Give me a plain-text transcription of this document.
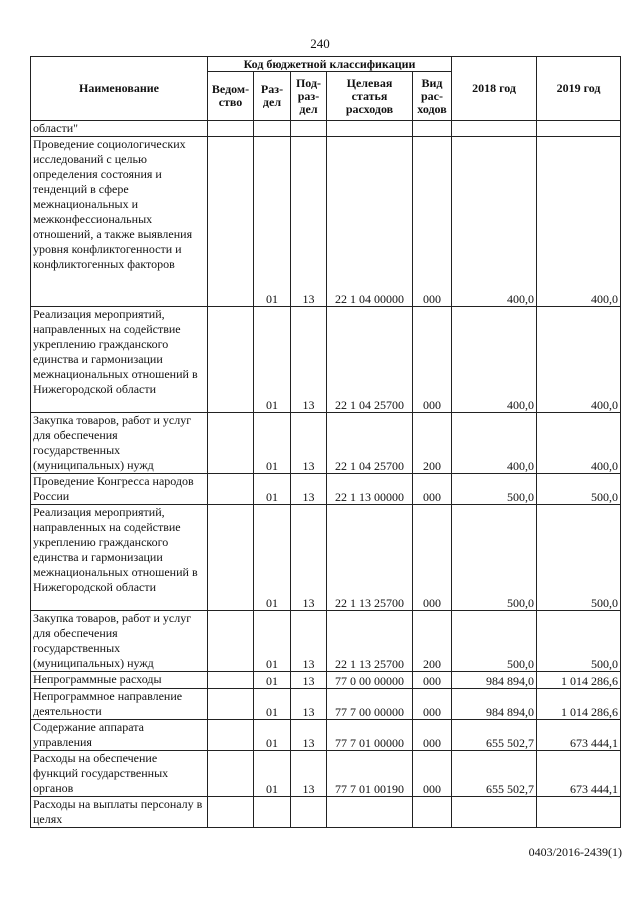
240
Наименование	Код бюджетной классификации					2018 год	2019 год
	Ведом-ство	Раз-дел	Под-раз-дел	Целевая статья расходов	Вид рас-ходов		
области"							
Проведение социологических исследований с целью определения состояния и тенденций в сфере межнациональных и межконфессиональных отношений, а также выявления уровня конфликтогенности и конфликтогенных факторов		01	13	22 1 04 00000	000	400,0	400,0
Реализация мероприятий, направленных на содействие укреплению гражданского единства и гармонизации межнациональных отношений в Нижегородской области		01	13	22 1 04 25700	000	400,0	400,0
Закупка товаров, работ и услуг для обеспечения государственных (муниципальных) нужд		01	13	22 1 04 25700	200	400,0	400,0
Проведение Конгресса народов России		01	13	22 1 13 00000	000	500,0	500,0
Реализация мероприятий, направленных на содействие укреплению гражданского единства и гармонизации межнациональных отношений в Нижегородской области		01	13	22 1 13 25700	000	500,0	500,0
Закупка товаров, работ и услуг для обеспечения государственных (муниципальных) нужд		01	13	22 1 13 25700	200	500,0	500,0
Непрограммные расходы		01	13	77 0 00 00000	000	984 894,0	1 014 286,6
Непрограммное направление деятельности		01	13	77 7 00 00000	000	984 894,0	1 014 286,6
Содержание аппарата управления		01	13	77 7 01 00000	000	655 502,7	673 444,1
Расходы на обеспечение функций государственных органов		01	13	77 7 01 00190	000	655 502,7	673 444,1
Расходы на выплаты персоналу в целях							
0403/2016-2439(1)
